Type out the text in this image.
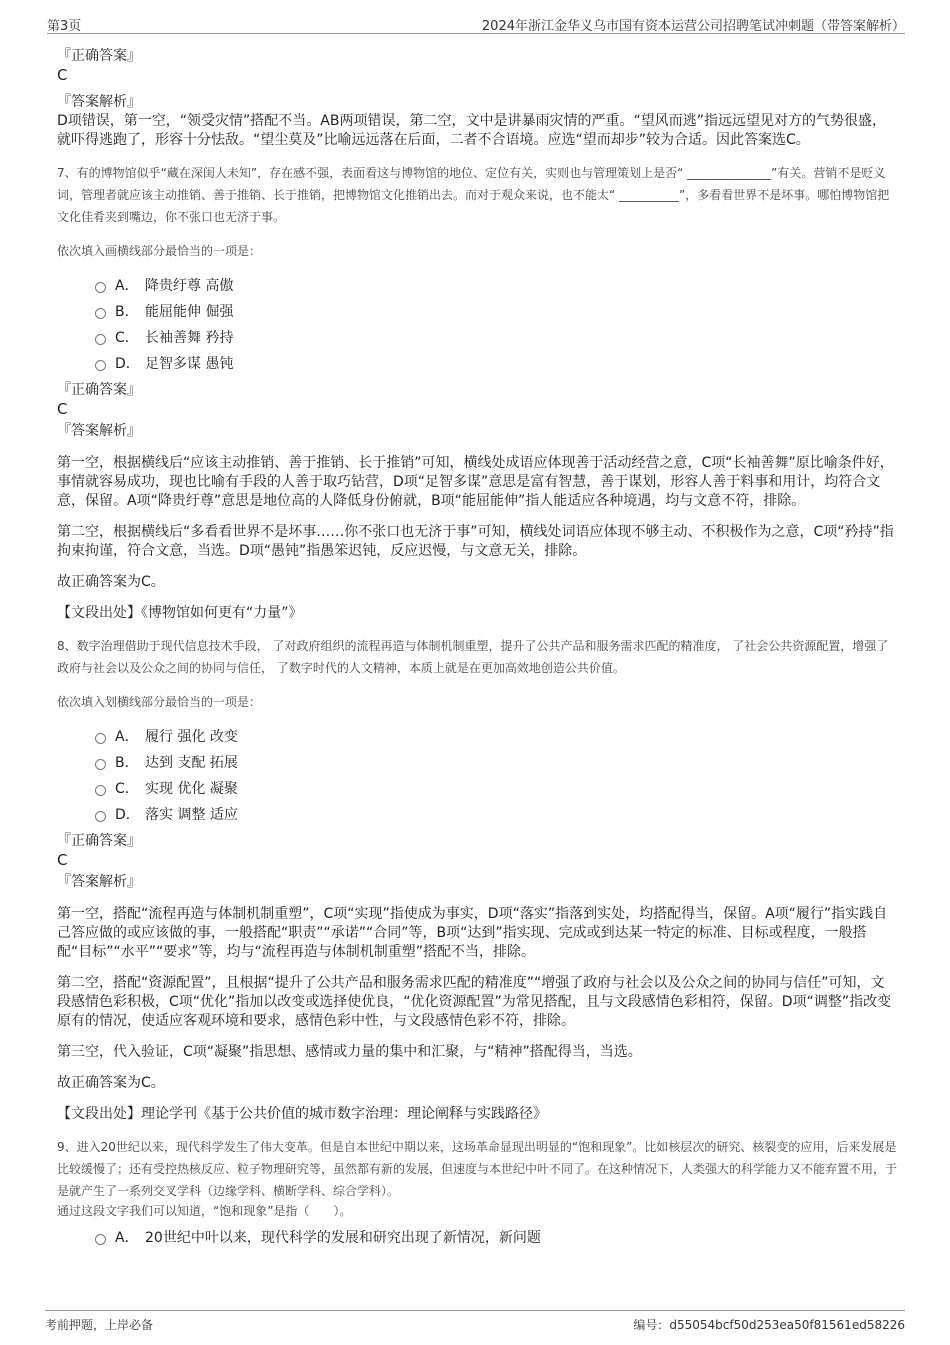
第3页	2024年浙江金华义乌市国有资本运营公司招聘笔试冲刺题（带答案解析）
『正确答案』
C
『答案解析』
D项错误，第一空，“领受灾情”搭配不当。AB两项错误，第二空，文中是讲暴雨灾情的严重。“望风而逃”指远远望见对方的气势很盛，就吓得逃跑了，形容十分怯敌。“望尘莫及”比喻远远落在后面，二者不合语境。应选“望而却步”较为合适。因此答案选C。
7、有的博物馆似乎“藏在深闺人未知”，存在感不强，表面看这与博物馆的地位、定位有关，实则也与管理策划上是否“ ______________”有关。营销不是贬义词，管理者就应该主动推销、善于推销、长于推销，把博物馆文化推销出去。而对于观众来说，也不能太“ __________”，多看看世界不是坏事。哪怕博物馆把文化佳肴夹到嘴边，你不张口也无济于事。
依次填入画横线部分最恰当的一项是：
A． 降贵纡尊 高傲
B． 能屈能伸 倔强
C． 长袖善舞 矜持
D． 足智多谋 愚钝
『正确答案』
C
『答案解析』
第一空，根据横线后“应该主动推销、善于推销、长于推销”可知，横线处成语应体现善于活动经营之意，C项“长袖善舞”原比喻条件好，事情就容易成功，现也比喻有手段的人善于取巧钻营，D项“足智多谋”意思是富有智慧，善于谋划，形容人善于料事和用计，均符合文意，保留。A项“降贵纡尊”意思是地位高的人降低身份俯就，B项“能屈能伸”指人能适应各种境遇，均与文意不符，排除。
第二空，根据横线后“多看看世界不是坏事……你不张口也无济于事”可知，横线处词语应体现不够主动、不积极作为之意，C项“矜持”指拘束拘谨，符合文意，当选。D项“愚钝”指愚笨迟钝，反应迟慢，与文意无关，排除。
故正确答案为C。
【文段出处】《博物馆如何更有“力量”》
8、数字治理借助于现代信息技术手段， 了对政府组织的流程再造与体制机制重塑，提升了公共产品和服务需求匹配的精准度， 了社会公共资源配置，增强了政府与社会以及公众之间的协同与信任， 了数字时代的人文精神，本质上就是在更加高效地创造公共价值。
依次填入划横线部分最恰当的一项是：
A． 履行 强化 改变
B． 达到 支配 拓展
C． 实现 优化 凝聚
D． 落实 调整 适应
『正确答案』
C
『答案解析』
第一空，搭配“流程再造与体制机制重塑”，C项“实现”指使成为事实，D项“落实”指落到实处，均搭配得当，保留。A项“履行”指实践自己答应做的或应该做的事，一般搭配“职责”“承诺”“合同”等，B项“达到”指实现、完成或到达某一特定的标准、目标或程度，一般搭配“目标”“水平”“要求”等，均与“流程再造与体制机制重塑”搭配不当，排除。
第二空，搭配“资源配置”，且根据“提升了公共产品和服务需求匹配的精准度”“增强了政府与社会以及公众之间的协同与信任”可知，文段感情色彩积极，C项“优化”指加以改变或选择使优良，“优化资源配置”为常见搭配，且与文段感情色彩相符，保留。D项“调整”指改变原有的情况，使适应客观环境和要求，感情色彩中性，与文段感情色彩不符，排除。
第三空，代入验证，C项“凝聚”指思想、感情或力量的集中和汇聚，与“精神”搭配得当，当选。
故正确答案为C。
【文段出处】理论学刊《基于公共价值的城市数字治理：理论阐释与实践路径》
9、进入20世纪以来，现代科学发生了伟大变革。但是自本世纪中期以来，这场革命显现出明显的“饱和现象”。比如核层次的研究、核裂变的应用，后来发展是比较缓慢了；还有受控热核反应、粒子物理研究等，虽然都有新的发展，但速度与本世纪中叶不同了。在这种情况下，人类强大的科学能力又不能弃置不用，于是就产生了一系列交叉学科（边缘学科、横断学科、综合学科）。
通过这段文字我们可以知道，“饱和现象”是指（　　）。
A． 20世纪中叶以来，现代科学的发展和研究出现了新情况，新问题
考前押题，上岸必备	编号：d55054bcf50d253ea50f81561ed58226
